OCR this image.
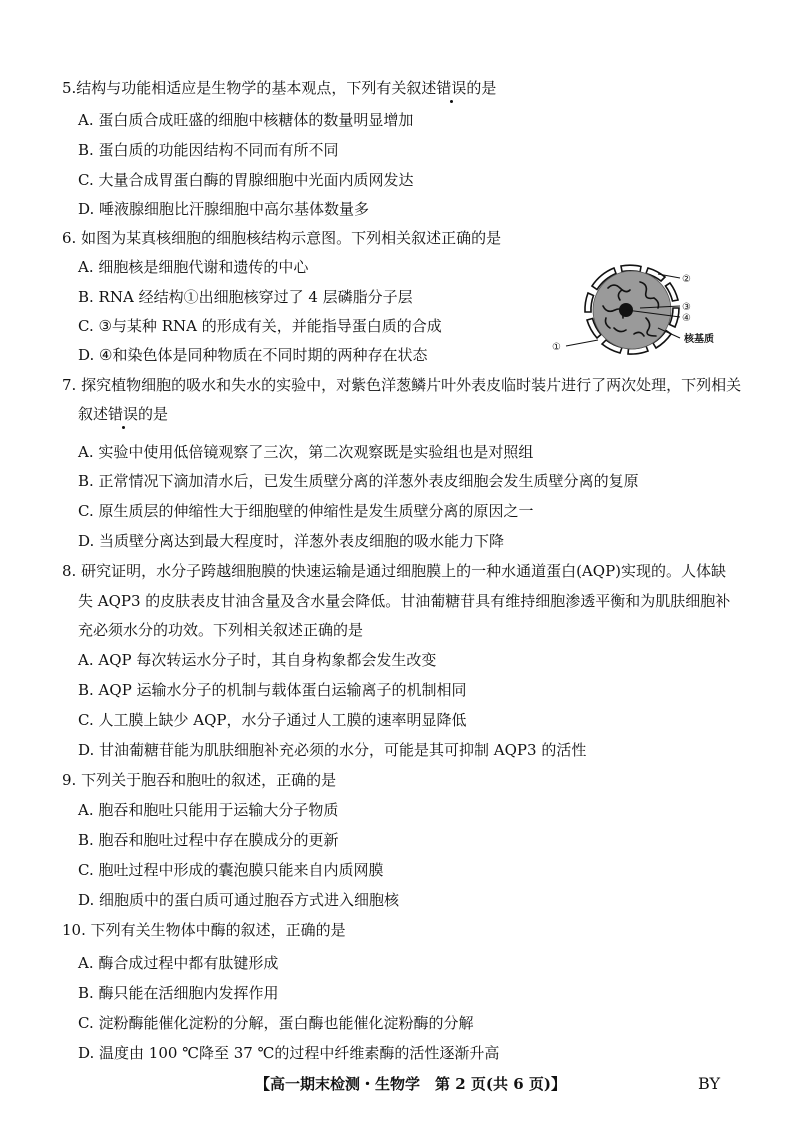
5.结构与功能相适应是生物学的基本观点，下列有关叙述错误的是
A. 蛋白质合成旺盛的细胞中核糖体的数量明显增加
B. 蛋白质的功能因结构不同而有所不同
C. 大量合成胃蛋白酶的胃腺细胞中光面内质网发达
D. 唾液腺细胞比汗腺细胞中高尔基体数量多
6. 如图为某真核细胞的细胞核结构示意图。下列相关叙述正确的是
A. 细胞核是细胞代谢和遗传的中心
B. RNA 经结构①出细胞核穿过了 4 层磷脂分子层
C. ③与某种 RNA 的形成有关，并能指导蛋白质的合成
D. ④和染色体是同种物质在不同时期的两种存在状态
②
③
④
核基质
①
7. 探究植物细胞的吸水和失水的实验中，对紫色洋葱鳞片叶外表皮临时装片进行了两次处理，下列相关
叙述错误的是
A. 实验中使用低倍镜观察了三次，第二次观察既是实验组也是对照组
B. 正常情况下滴加清水后，已发生质壁分离的洋葱外表皮细胞会发生质壁分离的复原
C. 原生质层的伸缩性大于细胞壁的伸缩性是发生质壁分离的原因之一
D. 当质壁分离达到最大程度时，洋葱外表皮细胞的吸水能力下降
8. 研究证明，水分子跨越细胞膜的快速运输是通过细胞膜上的一种水通道蛋白(AQP)实现的。人体缺
失 AQP3 的皮肤表皮甘油含量及含水量会降低。甘油葡糖苷具有维持细胞渗透平衡和为肌肤细胞补
充必须水分的功效。下列相关叙述正确的是
A. AQP 每次转运水分子时，其自身构象都会发生改变
B. AQP 运输水分子的机制与载体蛋白运输离子的机制相同
C. 人工膜上缺少 AQP，水分子通过人工膜的速率明显降低
D. 甘油葡糖苷能为肌肤细胞补充必须的水分，可能是其可抑制 AQP3 的活性
9. 下列关于胞吞和胞吐的叙述，正确的是
A. 胞吞和胞吐只能用于运输大分子物质
B. 胞吞和胞吐过程中存在膜成分的更新
C. 胞吐过程中形成的囊泡膜只能来自内质网膜
D. 细胞质中的蛋白质可通过胞吞方式进入细胞核
10. 下列有关生物体中酶的叙述，正确的是
A. 酶合成过程中都有肽键形成
B. 酶只能在活细胞内发挥作用
C. 淀粉酶能催化淀粉的分解，蛋白酶也能催化淀粉酶的分解
D. 温度由 100 ℃降至 37 ℃的过程中纤维素酶的活性逐渐升高
【高一期末检测・生物学　第 2 页(共 6 页)】	BY
